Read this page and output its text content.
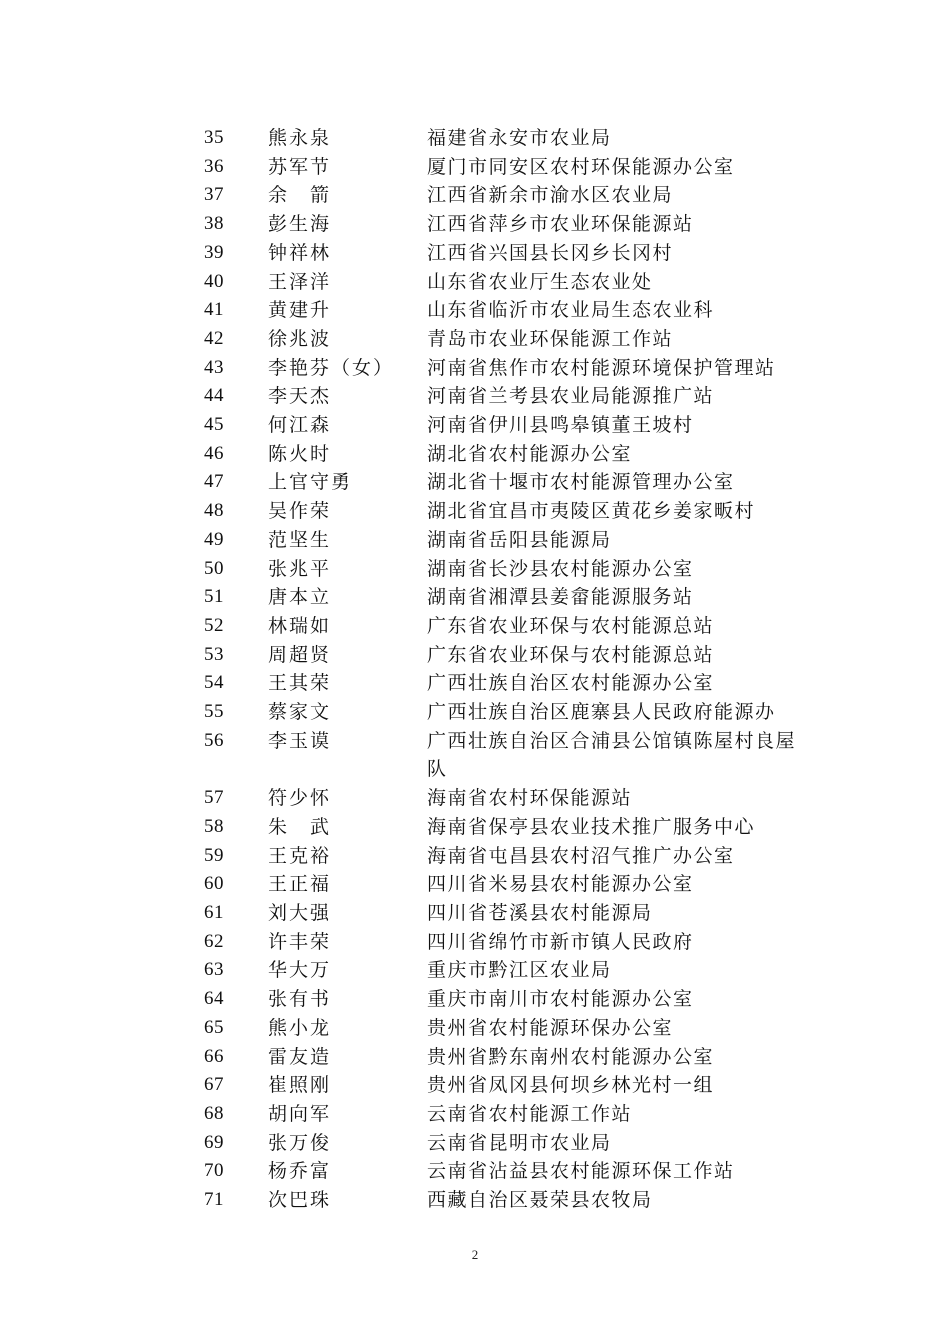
35	熊永泉	福建省永安市农业局
36	苏军节	厦门市同安区农村环保能源办公室
37	余　箭	江西省新余市渝水区农业局
38	彭生海	江西省萍乡市农业环保能源站
39	钟祥林	江西省兴国县长冈乡长冈村
40	王泽洋	山东省农业厅生态农业处
41	黄建升	山东省临沂市农业局生态农业科
42	徐兆波	青岛市农业环保能源工作站
43	李艳芬（女）	河南省焦作市农村能源环境保护管理站
44	李天杰	河南省兰考县农业局能源推广站
45	何江森	河南省伊川县鸣皋镇董王坡村
46	陈火时	湖北省农村能源办公室
47	上官守勇	湖北省十堰市农村能源管理办公室
48	吴作荣	湖北省宜昌市夷陵区黄花乡姜家畈村
49	范坚生	湖南省岳阳县能源局
50	张兆平	湖南省长沙县农村能源办公室
51	唐本立	湖南省湘潭县姜畲能源服务站
52	林瑞如	广东省农业环保与农村能源总站
53	周超贤	广东省农业环保与农村能源总站
54	王其荣	广西壮族自治区农村能源办公室
55	蔡家文	广西壮族自治区鹿寨县人民政府能源办
56	李玉谟	广西壮族自治区合浦县公馆镇陈屋村良屋队
57	符少怀	海南省农村环保能源站
58	朱　武	海南省保亭县农业技术推广服务中心
59	王克裕	海南省屯昌县农村沼气推广办公室
60	王正福	四川省米易县农村能源办公室
61	刘大强	四川省苍溪县农村能源局
62	许丰荣	四川省绵竹市新市镇人民政府
63	华大万	重庆市黔江区农业局
64	张有书	重庆市南川市农村能源办公室
65	熊小龙	贵州省农村能源环保办公室
66	雷友造	贵州省黔东南州农村能源办公室
67	崔照刚	贵州省凤冈县何坝乡林光村一组
68	胡向军	云南省农村能源工作站
69	张万俊	云南省昆明市农业局
70	杨乔富	云南省沾益县农村能源环保工作站
71	次巴珠	西藏自治区聂荣县农牧局
2
